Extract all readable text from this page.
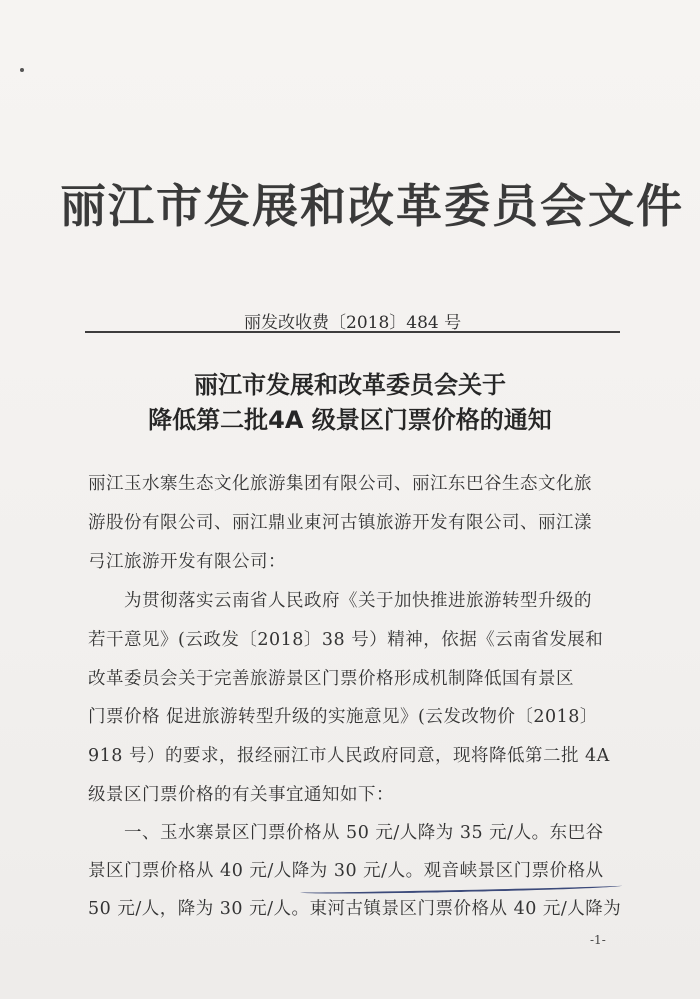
丽江市发展和改革委员会文件
丽发改收费〔2018〕484 号
丽江市发展和改革委员会关于
降低第二批4A 级景区门票价格的通知
丽江玉水寨生态文化旅游集团有限公司、丽江东巴谷生态文化旅
游股份有限公司、丽江鼎业東河古镇旅游开发有限公司、丽江漾
弓江旅游开发有限公司：
　　为贯彻落实云南省人民政府《关于加快推进旅游转型升级的
若干意见》(云政发〔2018〕38 号）精神，依据《云南省发展和
改革委员会关于完善旅游景区门票价格形成机制降低国有景区
门票价格 促进旅游转型升级的实施意见》(云发改物价〔2018〕
918 号）的要求，报经丽江市人民政府同意，现将降低第二批 4A
级景区门票价格的有关事宜通知如下：
　　一、玉水寨景区门票价格从 50 元/人降为 35 元/人。东巴谷
景区门票价格从 40 元/人降为 30 元/人。观音峡景区门票价格从
50 元/人，降为 30 元/人。東河古镇景区门票价格从 40 元/人降为
-1-
